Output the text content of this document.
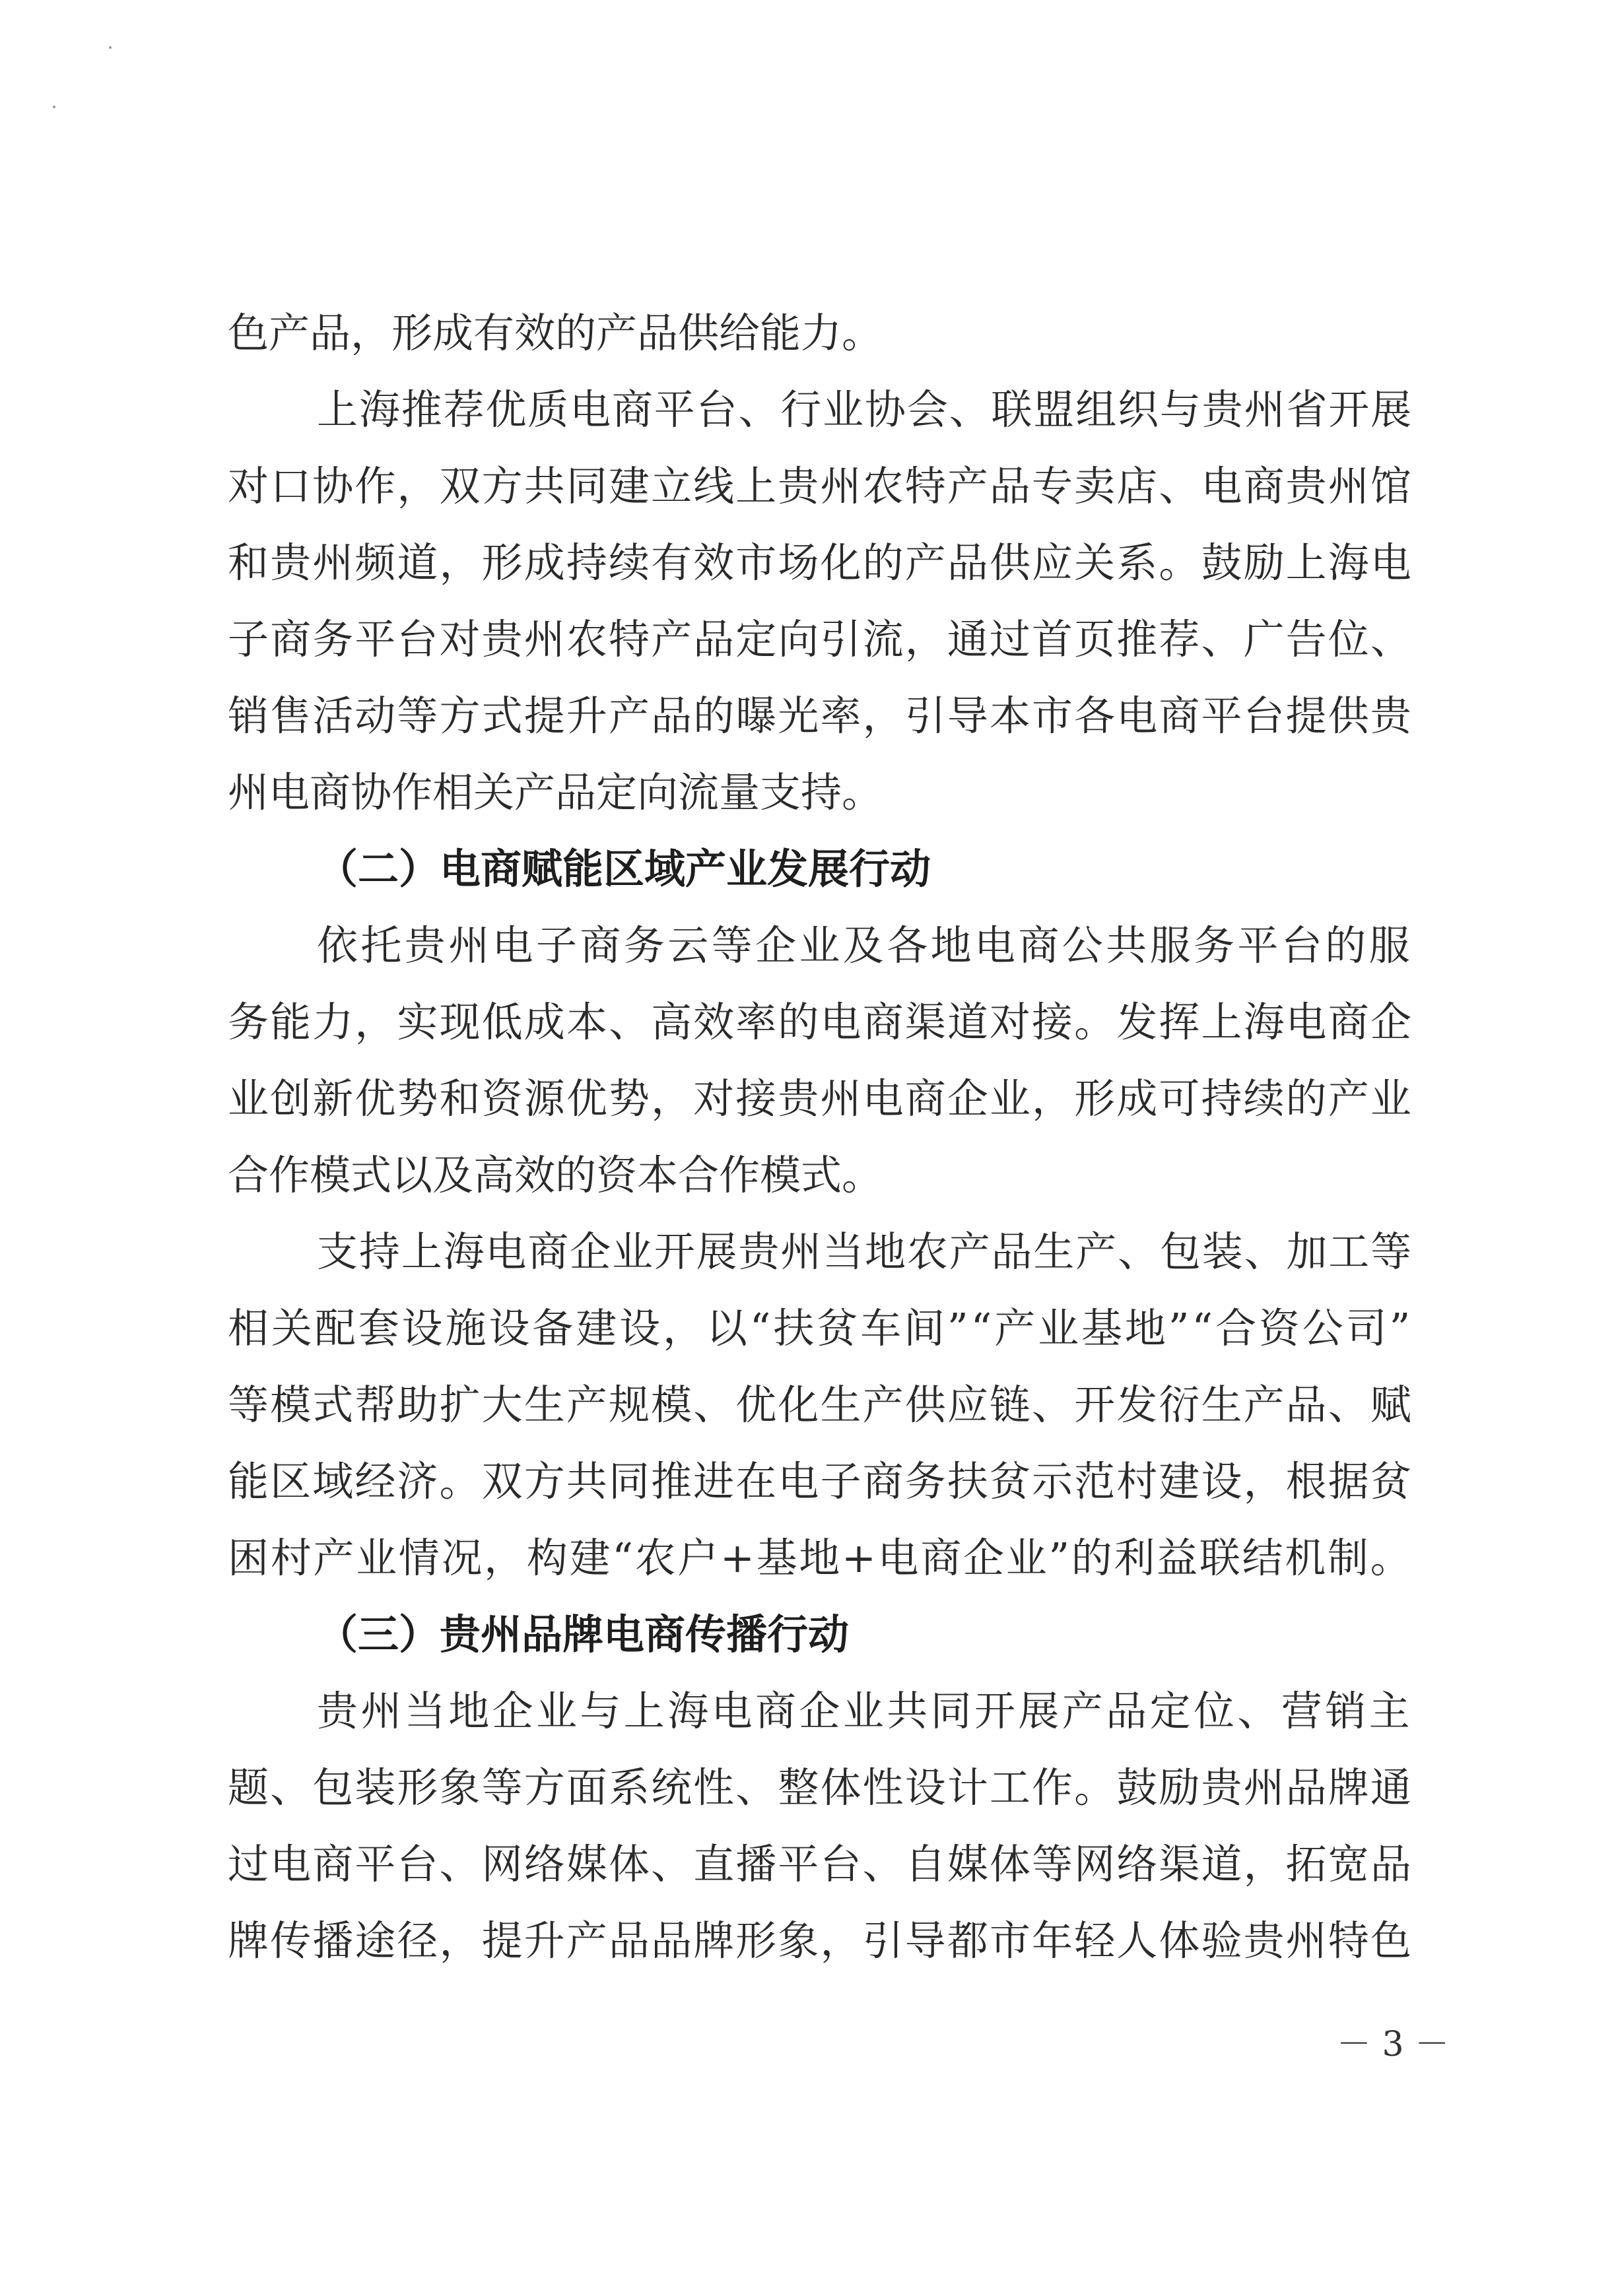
色产品，形成有效的产品供给能力。
上海推荐优质电商平台、行业协会、联盟组织与贵州省开展
对口协作，双方共同建立线上贵州农特产品专卖店、电商贵州馆
和贵州频道，形成持续有效市场化的产品供应关系。鼓励上海电
子商务平台对贵州农特产品定向引流，通过首页推荐、广告位、
销售活动等方式提升产品的曝光率，引导本市各电商平台提供贵
州电商协作相关产品定向流量支持。
（二）电商赋能区域产业发展行动
依托贵州电子商务云等企业及各地电商公共服务平台的服
务能力，实现低成本、高效率的电商渠道对接。发挥上海电商企
业创新优势和资源优势，对接贵州电商企业，形成可持续的产业
合作模式以及高效的资本合作模式。
支持上海电商企业开展贵州当地农产品生产、包装、加工等
相关配套设施设备建设，以“扶贫车间”“产业基地”“合资公司”
等模式帮助扩大生产规模、优化生产供应链、开发衍生产品、赋
能区域经济。双方共同推进在电子商务扶贫示范村建设，根据贫
困村产业情况，构建“农户+基地+电商企业”的利益联结机制。
（三）贵州品牌电商传播行动
贵州当地企业与上海电商企业共同开展产品定位、营销主
题、包装形象等方面系统性、整体性设计工作。鼓励贵州品牌通
过电商平台、网络媒体、直播平台、自媒体等网络渠道，拓宽品
牌传播途径，提升产品品牌形象，引导都市年轻人体验贵州特色
－ 3 －
